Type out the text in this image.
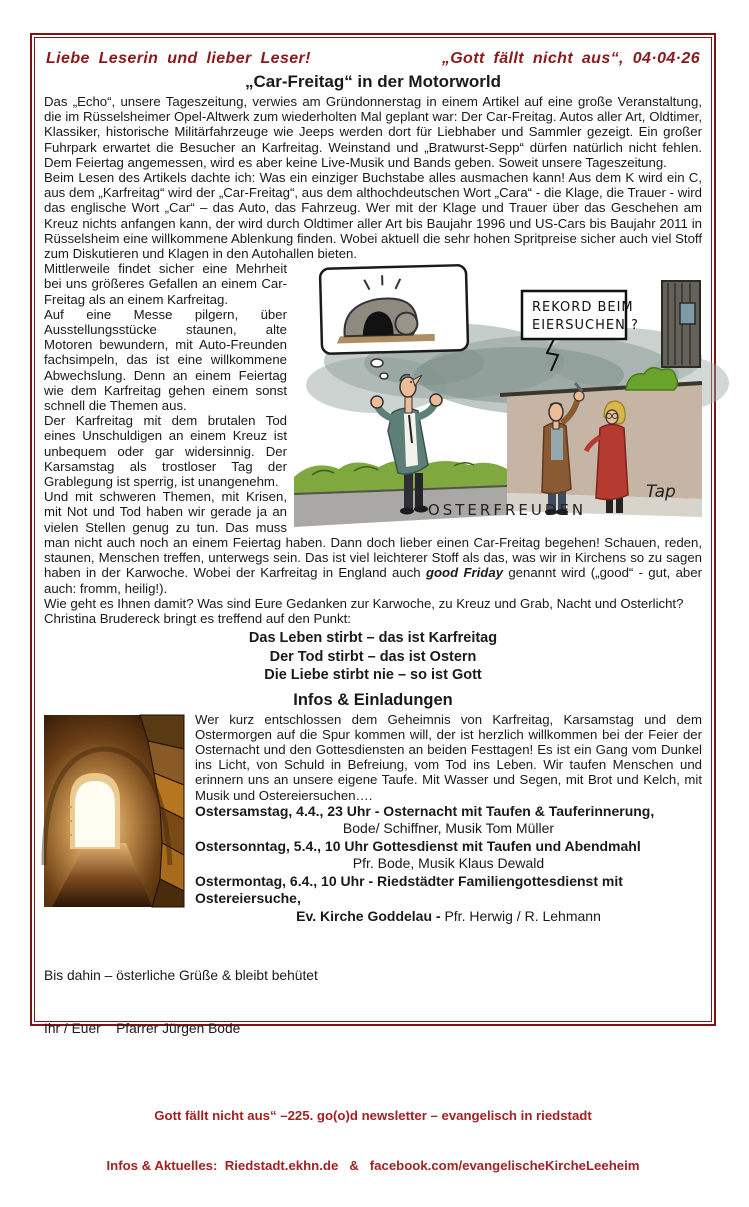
Liebe Leserin und lieber Leser!	„Gott fällt nicht aus“, 04·04·26
„Car-Freitag“ in der Motorworld

Das „Echo“, unsere Tageszeitung, verwies am Gründonnerstag in einem Artikel auf eine große Veranstaltung, die im Rüsselsheimer Opel-Altwerk zum wiederholten Mal geplant war: Der Car-Freitag. Autos aller Art, Oldtimer, Klassiker, historische Militärfahrzeuge wie Jeeps werden dort für Liebhaber und Sammler gezeigt. Ein großer Fuhrpark erwartet die Besucher an Karfreitag. Weinstand und „Bratwurst-Sepp“ dürfen natürlich nicht fehlen. Dem Feiertag angemessen, wird es aber keine Live-Musik und Bands geben. Soweit unsere Tageszeitung.

Beim Lesen des Artikels dachte ich: Was ein einziger Buchstabe alles ausmachen kann! Aus dem K wird ein C, aus dem „Karfreitag“ wird der „Car-Freitag“, aus dem althochdeutschen Wort „Cara“ - die Klage, die Trauer - wird das englische Wort „Car“ – das Auto, das Fahrzeug. Wer mit der Klage und Trauer über das Geschehen am Kreuz nichts anfangen kann, der wird durch Oldtimer aller Art bis Baujahr 1996 und US-Cars bis Baujahr 2011 in Rüsselsheim eine willkommene Ablenkung finden. Wobei aktuell die sehr hohen Spritpreise sicher auch viel Stoff zum Diskutieren und Klagen in den Autohallen bieten.

REKORD BEIM
EIERSUCHEN ?
OSTERFREUDEN
Tap

Mittlerweile findet sicher eine Mehrheit bei uns größeres Gefallen an einem Car-Freitag als an einem Karfreitag.

Auf eine Messe pilgern, über Ausstellungsstücke staunen, alte Motoren bewundern, mit Auto-Freunden fachsimpeln, das ist eine willkommene Abwechslung. Denn an einem Feiertag wie dem Karfreitag gehen einem sonst schnell die Themen aus.

Der Karfreitag mit dem brutalen Tod eines Unschuldigen an einem Kreuz ist unbequem oder gar widersinnig. Der Karsamstag als trostloser Tag der Grablegung ist sperrig, ist unangenehm.

Und mit schweren Themen, mit Krisen, mit Not und Tod haben wir gerade ja an vielen Stellen genug zu tun. Das muss man nicht auch noch an einem Feiertag haben. Dann doch lieber einen Car-Freitag begehen! Schauen, reden, staunen, Menschen treffen, unterwegs sein. Das ist viel leichterer Stoff als das, was wir in Kirchens so zu sagen haben in der Karwoche. Wobei der Karfreitag in England auch good Friday genannt wird („good“ - gut, aber auch: fromm, heilig!).

Wie geht es Ihnen damit? Was sind Eure Gedanken zur Karwoche, zu Kreuz und Grab, Nacht und Osterlicht?

Christina Brudereck bringt es treffend auf den Punkt:

Das Leben stirbt – das ist Karfreitag
Der Tod stirbt – das ist Ostern
Die Liebe stirbt nie – so ist Gott
Infos & Einladungen

Wer kurz entschlossen dem Geheimnis von Karfreitag, Karsamstag und dem Ostermorgen auf die Spur kommen will, der ist herzlich willkommen bei der Feier der Osternacht und den Gottesdiensten an beiden Festtagen! Es ist ein Gang vom Dunkel ins Licht, von Schuld in Befreiung, vom Tod ins Leben. Wir taufen Menschen und erinnern uns an unsere eigene Taufe. Mit Wasser und Segen, mit Brot und Kelch, mit Musik und Ostereiersuchen….

Ostersamstag, 4.4., 23 Uhr - Osternacht mit Taufen & Tauferinnerung,

Bode/ Schiffner, Musik Tom Müller

Ostersonntag, 5.4., 10 Uhr Gottesdienst mit Taufen und Abendmahl

Pfr. Bode, Musik Klaus Dewald

Ostermontag, 6.4., 10 Uhr - Riedstädter Familiengottesdienst mit Ostereiersuche,

Ev. Kirche Goddelau - Pfr. Herwig / R. Lehmann

Bis dahin – österliche Grüße & bleibt behütet

Ihr / Euer    Pfarrer Jürgen Bode

Gott fällt nicht aus“ –225. go(o)d newsletter – evangelisch in riedstadt

Infos & Aktuelles:  Riedstadt.ekhn.de   &   facebook.com/evangelischeKircheLeeheim
